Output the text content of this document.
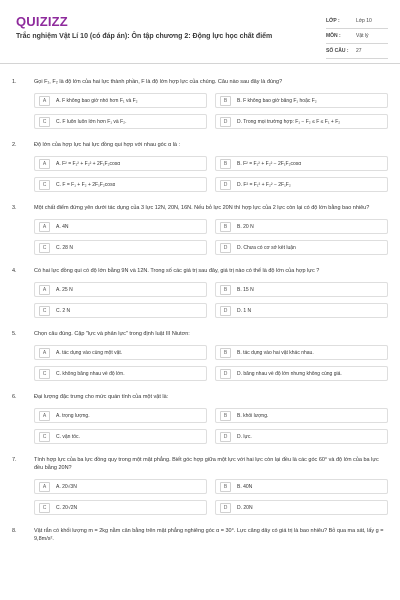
QUIZIZZ
Trắc nghiệm Vật Lí 10 (có đáp án): Ôn tập chương 2: Động lực học chất điểm
LỚP :	Lớp 10
MÔN :	Vật lý
SỐ CÂU :	27
1.	Gọi F₁, F₂ là độ lớn của hai lực thành phần, F là độ lớn hợp lực của chúng. Câu nào sau đây là đúng?
A	A. F không bao giờ nhỏ hơn F₁ và F₂	B	B. F không bao giờ bằng F₁ hoặc F₂
C	C. F luôn luôn lớn hơn F₁ và F₂.	D	D. Trong mọi trường hợp: F₁ − F₂ ≤ F ≤ F₁ + F₂
2.	Độ lớn của hợp lực hai lực đồng qui hợp với nhau góc α là :
A	A. F² = F₁² + F₂² + 2F₁F₂cosα	B	B. F² = F₁² + F₂² − 2F₁F₂cosα
C	C. F = F₁ + F₂ + 2F₁F₂cosα	D	D. F² = F₁² + F₂² − 2F₁F₂
3.	Một chất điểm đứng yên dưới tác dụng của 3 lực 12N, 20N, 16N. Nếu bỏ lực 20N thì hợp lực của 2 lực còn lại có độ lớn bằng bao nhiêu?
A	A. 4N	B	B. 20 N
C	C. 28 N	D	D. Chưa có cơ sở kết luận
4.	Có hai lực đồng qui có độ lớn bằng 9N và 12N. Trong số các giá trị sau đây, giá trị nào có thể là độ lớn của hợp lực ?
A	A. 25 N	B	B. 15 N
C	C. 2 N	D	D. 1 N
5.	Chọn câu đúng. Cặp "lực và phản lực" trong định luật III Niutơn:
A	A. tác dụng vào cùng một vật.	B	B. tác dụng vào hai vật khác nhau.
C	C. không bằng nhau về độ lớn.	D	D. bằng nhau về độ lớn nhưng không cùng giá.
6.	Đại lượng đặc trưng cho mức quán tính của một vật là:
A	A. trọng lượng.	B	B. khối lượng.
C	C. vận tốc.	D	D. lực.
7.	Tính hợp lực của ba lực đồng quy trong một mặt phẳng. Biết góc hợp giữa một lực với hai lực còn lại đều là các góc 60° và độ lớn của ba lực đều bằng 20N?
A	A. 20√3N	B	B. 40N
C	C. 20√2N	D	D. 20N
8.	Vật rắn có khối lượng m = 2kg nằm cân bằng trên mặt phẳng nghiêng góc α = 30°. Lực căng dây có giá trị là bao nhiêu? Bỏ qua ma sát, lấy g = 9,8m/s².
